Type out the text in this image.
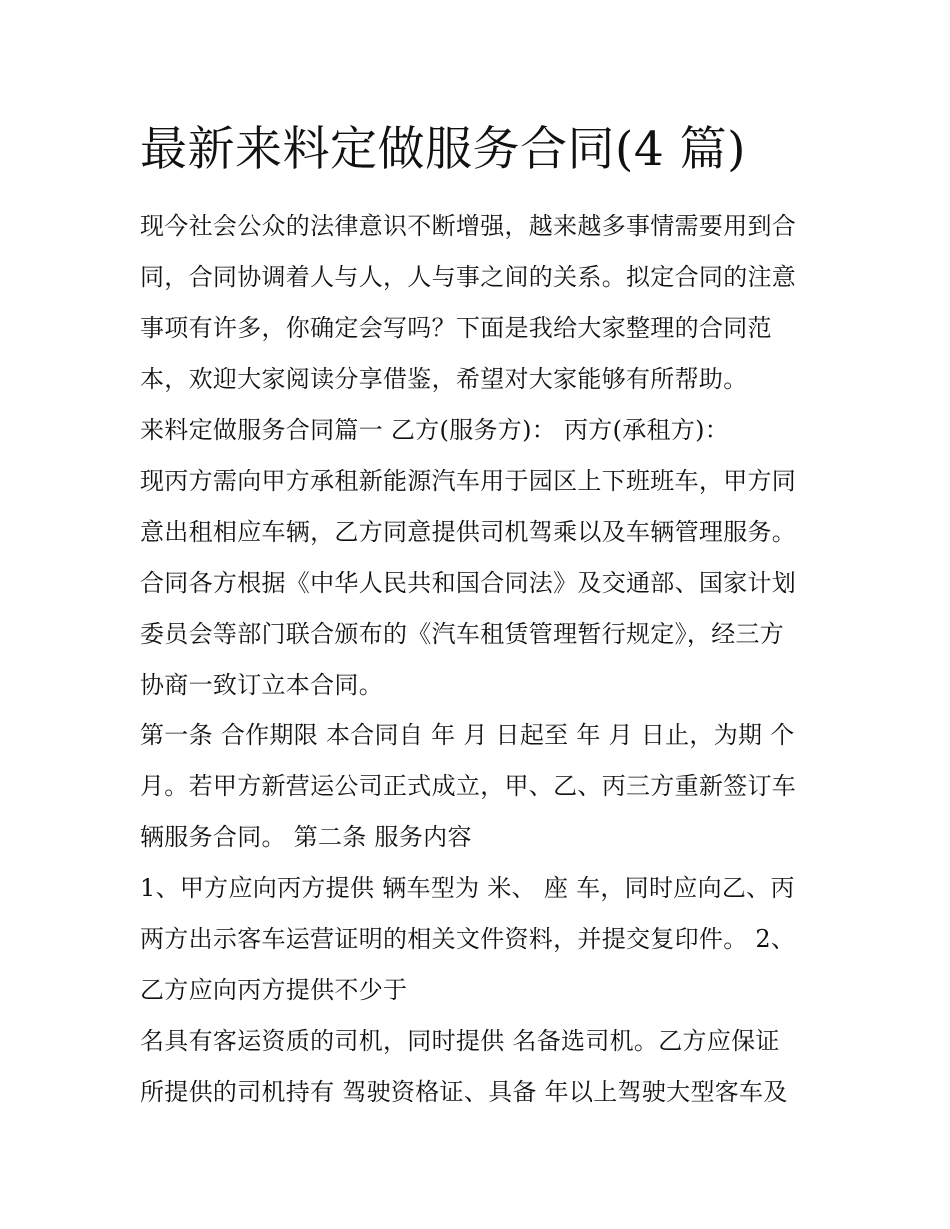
最新来料定做服务合同(4 篇)

现今社会公众的法律意识不断增强，越来越多事情需要用到合

同，合同协调着人与人，人与事之间的关系。拟定合同的注意

事项有许多，你确定会写吗？下面是我给大家整理的合同范

本，欢迎大家阅读分享借鉴，希望对大家能够有所帮助。

来料定做服务合同篇一 乙方(服务方)： 丙方(承租方)：

现丙方需向甲方承租新能源汽车用于园区上下班班车，甲方同

意出租相应车辆，乙方同意提供司机驾乘以及车辆管理服务。

合同各方根据《中华人民共和国合同法》及交通部、国家计划

委员会等部门联合颁布的《汽车租赁管理暂行规定》，经三方

协商一致订立本合同。

第一条 合作期限 本合同自 年 月 日起至 年 月 日止，为期 个

月。若甲方新营运公司正式成立，甲、乙、丙三方重新签订车

辆服务合同。 第二条 服务内容

1、甲方应向丙方提供 辆车型为 米、 座 车，同时应向乙、丙

两方出示客车运营证明的相关文件资料，并提交复印件。 2、

乙方应向丙方提供不少于

名具有客运资质的司机，同时提供 名备选司机。乙方应保证

所提供的司机持有 驾驶资格证、具备 年以上驾驶大型客车及
